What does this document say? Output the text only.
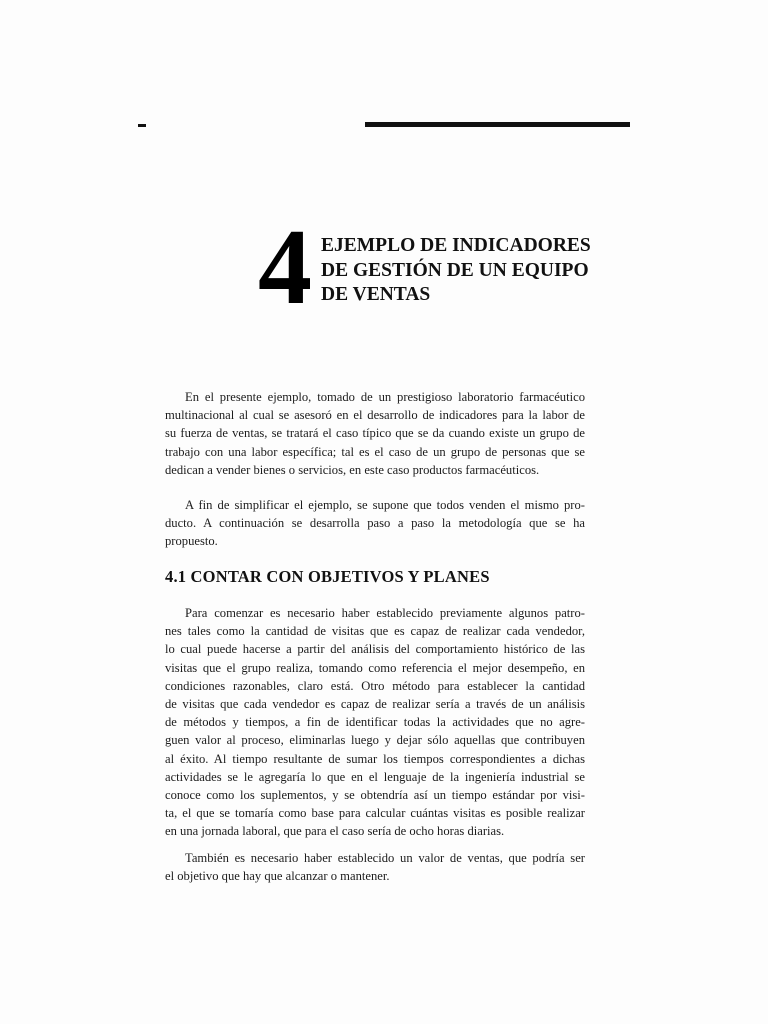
4 EJEMPLO DE INDICADORES
DE GESTIÓN DE UN EQUIPO
DE VENTAS
En el presente ejemplo, tomado de un prestigioso laboratorio farmacéutico
multinacional al cual se asesoró en el desarrollo de indicadores para la labor de
su fuerza de ventas, se tratará el caso típico que se da cuando existe un grupo de
trabajo con una labor específica; tal es el caso de un grupo de personas que se
dedican a vender bienes o servicios, en este caso productos farmacéuticos.
A fin de simplificar el ejemplo, se supone que todos venden el mismo pro-
ducto. A continuación se desarrolla paso a paso la metodología que se ha
propuesto.
4.1 CONTAR CON OBJETIVOS Y PLANES
Para comenzar es necesario haber establecido previamente algunos patro-
nes tales como la cantidad de visitas que es capaz de realizar cada vendedor,
lo cual puede hacerse a partir del análisis del comportamiento histórico de las
visitas que el grupo realiza, tomando como referencia el mejor desempeño, en
condiciones razonables, claro está. Otro método para establecer la cantidad
de visitas que cada vendedor es capaz de realizar sería a través de un análisis
de métodos y tiempos, a fin de identificar todas la actividades que no agre-
guen valor al proceso, eliminarlas luego y dejar sólo aquellas que contribuyen
al éxito. Al tiempo resultante de sumar los tiempos correspondientes a dichas
actividades se le agregaría lo que en el lenguaje de la ingeniería industrial se
conoce como los suplementos, y se obtendría así un tiempo estándar por visi-
ta, el que se tomaría como base para calcular cuántas visitas es posible realizar
en una jornada laboral, que para el caso sería de ocho horas diarias.
También es necesario haber establecido un valor de ventas, que podría ser
el objetivo que hay que alcanzar o mantener.
